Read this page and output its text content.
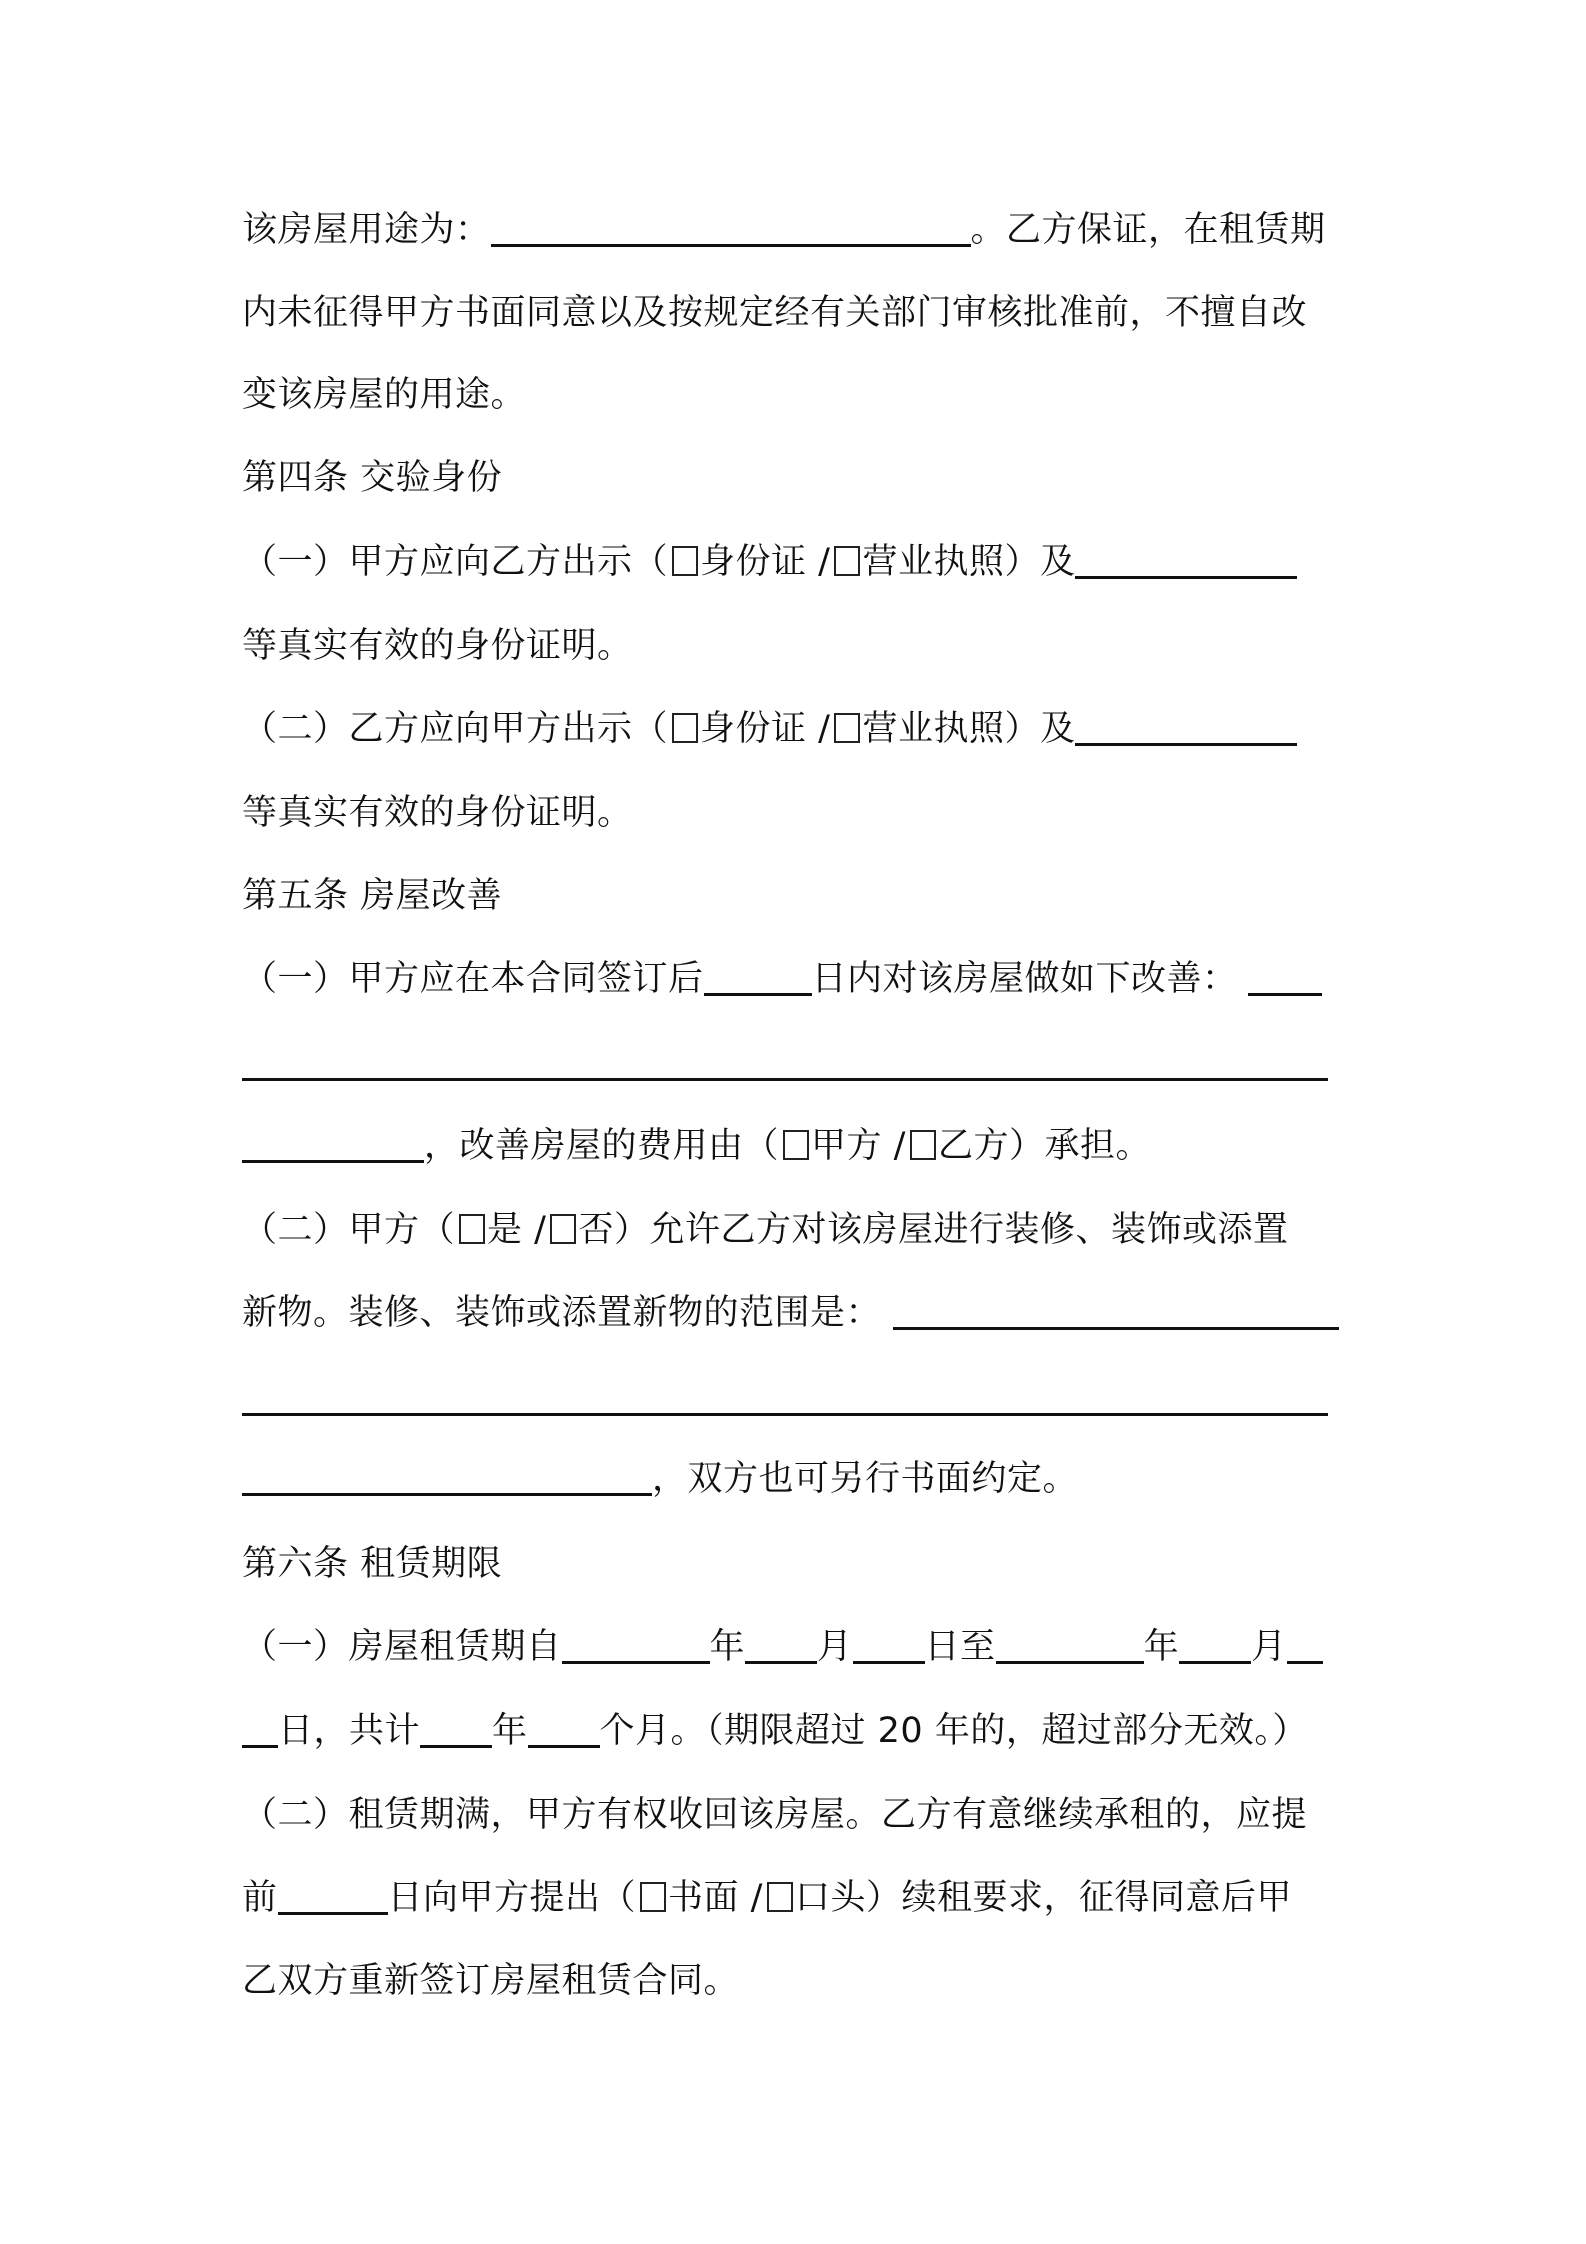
该房屋用途为：	。乙方保证，在租赁期
内未征得甲方书面同意以及按规定经有关部门审核批准前，不擅自改
变该房屋的用途。
第四条 交验身份
（一）甲方应向乙方出示（ 身份证 / 营业执照）及
等真实有效的身份证明。
（二）乙方应向甲方出示（ 身份证 / 营业执照）及
等真实有效的身份证明。
第五条 房屋改善
（一）甲方应在本合同签订后	日内对该房屋做如下改善：
，改善房屋的费用由（ 甲方 / 乙方）承担。
（二）甲方（ 是 / 否）允许乙方对该房屋进行装修、装饰或添置
新物。装修、装饰或添置新物的范围是：
，双方也可另行书面约定。
第六条 租赁期限
（一）房屋租赁期自	年 月 日至	年 月
日，共计 年 个月。（期限超过 20 年的，超过部分无效。）
（二）租赁期满，甲方有权收回该房屋。乙方有意继续承租的，应提
前	日向甲方提出（ 书面 / 口头）续租要求，征得同意后甲
乙双方重新签订房屋租赁合同。
